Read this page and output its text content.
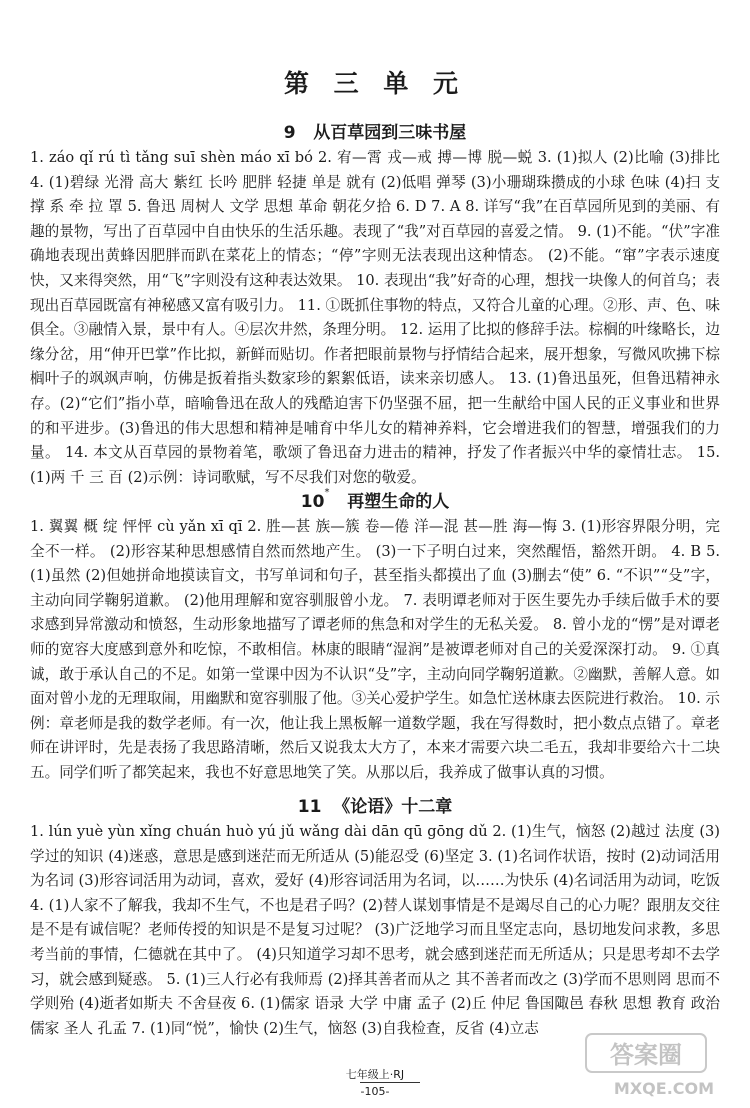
第 三 单 元
9 从百草园到三味书屋
1. záo qǐ rú tì tǎng suī shèn máo xī bó 2. 宥—霄 戎—戒 搏—博 脱—蜕 3. (1)拟人 (2)比喻 (3)排比 4. (1)碧绿 光滑 高大 紫红 长吟 肥胖 轻捷 单是 就有 (2)低唱 弹琴 (3)小珊瑚珠攒成的小球 色味 (4)扫 支撑 系 牵 拉 罩 5. 鲁迅 周树人 文学 思想 革命 朝花夕拾 6. D 7. A 8. 详写“我”在百草园所见到的美丽、有趣的景物，写出了百草园中自由快乐的生活乐趣。表现了“我”对百草园的喜爱之情。 9. (1)不能。“伏”字准确地表现出黄蜂因肥胖而趴在菜花上的情态；“停”字则无法表现出这种情态。 (2)不能。“窜”字表示速度快，又来得突然，用“飞”字则没有这种表达效果。 10. 表现出“我”好奇的心理，想找一块像人的何首乌；表现出百草园既富有神秘感又富有吸引力。 11. ①既抓住事物的特点，又符合儿童的心理。②形、声、色、味俱全。③融情入景，景中有人。④层次井然，条理分明。 12. 运用了比拟的修辞手法。棕榈的叶缘略长，边缘分岔，用“伸开巴掌”作比拟，新鲜而贴切。作者把眼前景物与抒情结合起来，展开想象，写微风吹拂下棕榈叶子的飒飒声响，仿佛是扳着指头数家珍的絮絮低语，读来亲切感人。 13. (1)鲁迅虽死，但鲁迅精神永存。(2)“它们”指小草，暗喻鲁迅在敌人的残酷迫害下仍坚强不屈，把一生献给中国人民的正义事业和世界的和平进步。(3)鲁迅的伟大思想和精神是哺育中华儿女的精神养料，它会增进我们的智慧，增强我们的力量。 14. 本文从百草园的景物着笔，歌颂了鲁迅奋力进击的精神，抒发了作者振兴中华的豪情壮志。 15. (1)两 千 三 百 (2)示例：诗词歌赋，写不尽我们对您的敬爱。
10* 再塑生命的人
1. 翼翼 概 绽 怦怦 cù yǎn xī qī 2. 胜—甚 族—簇 卷—倦 洋—混 甚—胜 海—悔 3. (1)形容界限分明，完全不一样。 (2)形容某种思想感情自然而然地产生。 (3)一下子明白过来，突然醒悟，豁然开朗。 4. B 5. (1)虽然 (2)但她拼命地摸读盲文，书写单词和句子，甚至指头都摸出了血 (3)删去“使” 6. “不识”“殳”字，主动向同学鞠躬道歉。 (2)他用理解和宽容驯服曾小龙。 7. 表明谭老师对于医生要先办手续后做手术的要求感到异常激动和愤怒，生动形象地描写了谭老师的焦急和对学生的无私关爱。 8. 曾小龙的“愣”是对谭老师的宽容大度感到意外和吃惊，不敢相信。林康的眼睛“湿润”是被谭老师对自己的关爱深深打动。 9. ①真诚，敢于承认自己的不足。如第一堂课中因为不认识“殳”字，主动向同学鞠躬道歉。②幽默，善解人意。如面对曾小龙的无理取闹，用幽默和宽容驯服了他。③关心爱护学生。如急忙送林康去医院进行救治。 10. 示例：章老师是我的数学老师。有一次，他让我上黑板解一道数学题，我在写得数时，把小数点点错了。章老师在讲评时，先是表扬了我思路清晰，然后又说我太大方了，本来才需要六块二毛五，我却非要给六十二块五。同学们听了都笑起来，我也不好意思地笑了笑。从那以后，我养成了做事认真的习惯。
11 《论语》十二章
1. lún yuè yùn xǐng chuán huò yú jǔ wǎng dài dān qū gōng dǔ 2. (1)生气，恼怒 (2)越过 法度 (3)学过的知识 (4)迷惑，意思是感到迷茫而无所适从 (5)能忍受 (6)坚定 3. (1)名词作状语，按时 (2)动词活用为名词 (3)形容词活用为动词，喜欢，爱好 (4)形容词活用为名词，以……为快乐 (4)名词活用为动词，吃饭 4. (1)人家不了解我，我却不生气，不也是君子吗？(2)替人谋划事情是不是竭尽自己的心力呢？跟朋友交往是不是有诚信呢？老师传授的知识是不是复习过呢？ (3)广泛地学习而且坚定志向，恳切地发问求教，多思考当前的事情，仁德就在其中了。 (4)只知道学习却不思考，就会感到迷茫而无所适从；只是思考却不去学习，就会感到疑惑。 5. (1)三人行必有我师焉 (2)择其善者而从之 其不善者而改之 (3)学而不思则罔 思而不学则殆 (4)逝者如斯夫 不舍昼夜 6. (1)儒家 语录 大学 中庸 孟子 (2)丘 仲尼 鲁国陬邑 春秋 思想 教育 政治 儒家 圣人 孔孟 7. (1)同“悦”，愉快 (2)生气，恼怒 (3)自我检查，反省 (4)立志
七年级上·RJ
-105-
答案圈
MXQE.COM
